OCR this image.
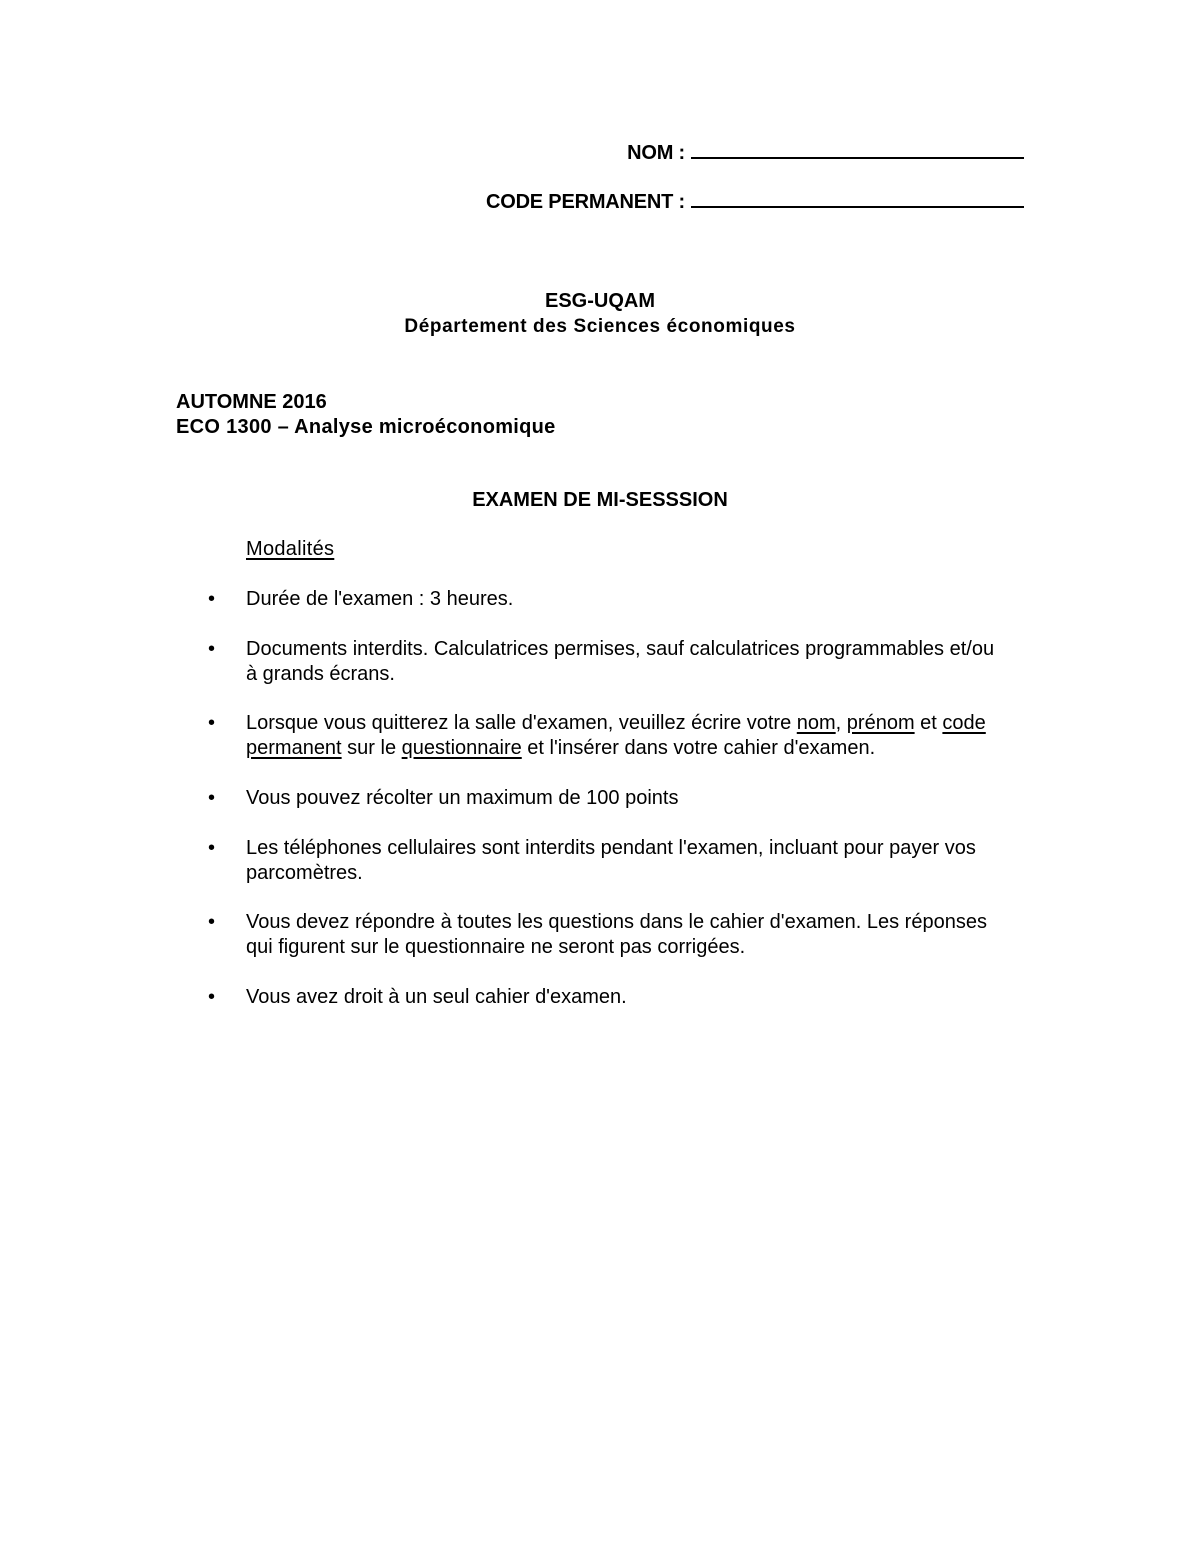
NOM :
CODE PERMANENT :
ESG-UQAM
Département des Sciences économiques
AUTOMNE 2016
ECO 1300 – Analyse microéconomique
EXAMEN DE MI-SESSSION
Modalités
• Durée de l'examen : 3 heures.
• Documents interdits. Calculatrices permises, sauf calculatrices programmables et/ou à grands écrans.
• Lorsque vous quitterez la salle d'examen, veuillez écrire votre nom, prénom et code permanent sur le questionnaire et l'insérer dans votre cahier d'examen.
• Vous pouvez récolter un maximum de 100 points
• Les téléphones cellulaires sont interdits pendant l'examen, incluant pour payer vos parcomètres.
• Vous devez répondre à toutes les questions dans le cahier d'examen. Les réponses qui figurent sur le questionnaire ne seront pas corrigées.
• Vous avez droit à un seul cahier d'examen.
